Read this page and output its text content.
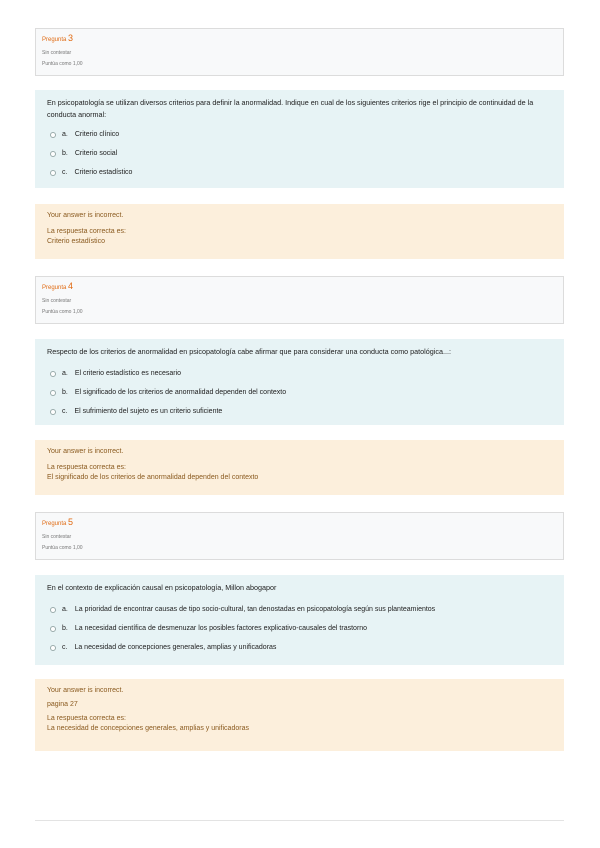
Pregunta 3
Sin contestar
Puntúa como 1,00
En psicopatología se utilizan diversos criterios para definir la anormalidad. Indique en cual de los siguientes criterios rige el principio de continuidad de la conducta anormal:
a. Criterio clínico
b. Criterio social
c. Criterio estadístico
Your answer is incorrect.
La respuesta correcta es:
Criterio estadístico
Pregunta 4
Sin contestar
Puntúa como 1,00
Respecto de los criterios de anormalidad en psicopatología cabe afirmar que para considerar una conducta como patológica...:
a. El criterio estadístico es necesario
b. El significado de los criterios de anormalidad dependen del contexto
c. El sufrimiento del sujeto es un criterio suficiente
Your answer is incorrect.
La respuesta correcta es:
El significado de los criterios de anormalidad dependen del contexto
Pregunta 5
Sin contestar
Puntúa como 1,00
En el contexto de explicación causal en psicopatología, Millon abogapor
a. La prioridad de encontrar causas de tipo socio-cultural, tan denostadas en psicopatología según sus planteamientos
b. La necesidad científica de desmenuzar los posibles factores explicativo-causales del trastorno
c. La necesidad de concepciones generales, amplias y unificadoras
Your answer is incorrect.
pagina 27
La respuesta correcta es:
La necesidad de concepciones generales, amplias y unificadoras
